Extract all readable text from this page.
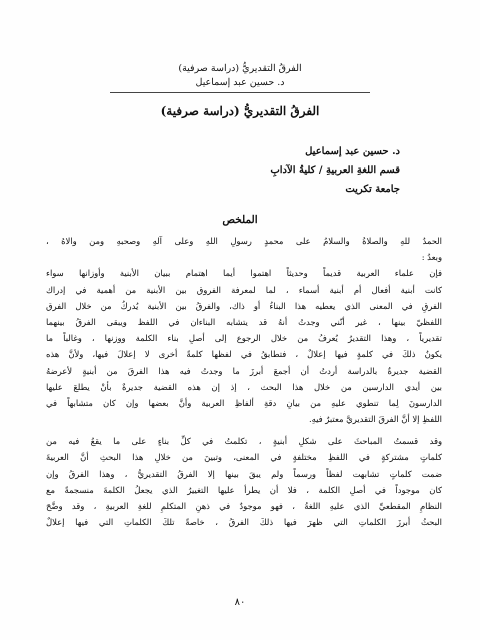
الفرقُ التقديريُّ (دراسة صرفية)
د. حسين عبد إسماعيل
الفرقُ التقديريُّ (دراسة صرفية)
د. حسين عبد إسماعيل
قسم اللغةِ العربيةِ / كليةُ الآدابِ
جامعة تكريت
الملخص
الحمدُ للهِ والصلاةُ والسلامُ على محمدٍ رسولِ اللهِ وعلى آلهِ وصحبهِ ومن والاهُ ،
وبعدُ :
فإن علماء العربية قديماً وحديثاً اهتموا أيما اهتمام ببيان الأبنية وأوزانها سواء
كانت أبنية أفعال أم أبنية أسماء ، لما لمعرفة الفروق بين الأبنية من أهمية في إدراك
الفرقِ في المعنى الذي يعطيه هذا البناءُ أو ذاك، والفرقُ بين الأبنية يُدركُ من خلال الفرق
اللفظيّ بينها ، غير أنّني وجدتُ أنهُ قد يتشابه البناءان في اللفظ ويبقى الفرقُ بينهما
تقديرياً ، وهذا التقديرُ يُعرفُ من خلال الرجوع إلى أصلِ بناء الكلمة ووزنها ، وغالباً ما
يكونُ ذلكَ في كلمةٍ فيها إعلالٌ ، فتطابقُ في لفظها كلمةً أخرى لا إعلالَ فيها، ولأنَّ هذه
القضية جديرةٌ بالدراسة أردتُ أن أجمعَ أبرزَ ما وجدتُ فيه هذا الفرقَ من أبنيةٍ لأعرضهُ
بين أيدي الدارسين من خلال هذا البحث ، إذ إن هذه القضية جديرةٌ بأنْ يطلعَ عليها
الدارسونَ لِما تنطوي عليهِ من بيانِ دقةِ ألفاظِ العربية وأنَّ بعضها وإن كان متشابهاً في
اللفظِ إلا أنَّ الفرقَ التقديريَّ معتبرٌ فيهِ.
وقد قسمتُ المباحثَ على شكلِ أبنيةٍ ، تكلمتُ في كلِّ بناءٍ على ما يقعُ فيه من
كلماتٍ مشتركةٍ في اللفظِ مختلفةٍ في المعنى، وتبينَ من خلالِ هذا البحثِ أنَّ العربيةَ
ضمت كلماتٍ تشابهت لفظاً ورسماً ولم يبقَ بينها إلا الفرقُ التقديريُّ ، وهذا الفرقُ وإن
كان موجوداً في أصلِ الكلمة ، فلا أن يطرأ عليها التغييرُ الذي يجعلُ الكلمةَ منسجمةً مع
النظامِ المقطعيِّ الذي عليهِ اللغةُ ، فهو موجودٌ في ذهنِ المتكلمِ للغةِ العربيةِ ، وقد وضَّحَ
البحثُ أبرزَ الكلماتِ التي ظهرَ فيها ذلكَ الفرقُ ، خاصةً تلكَ الكلماتِ التي فيها إعلالٌ
٨٠
